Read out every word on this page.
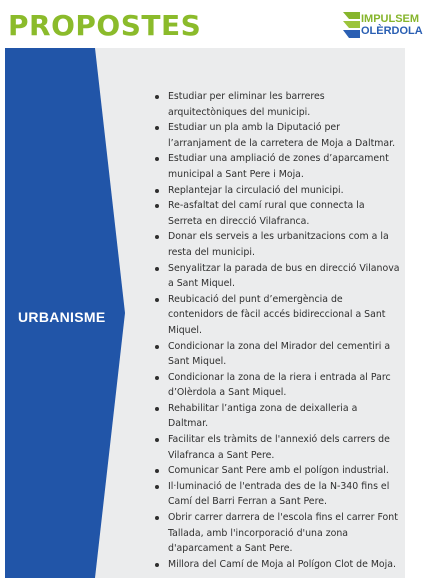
PROPOSTES	IMPULSEM
OLÈRDOLA
URBANISME
Estudiar per eliminar les barreres arquitectòniques del municipi.
Estudiar un pla amb la Diputació per l’arranjament de la carretera de Moja a Daltmar.
Estudiar una ampliació de zones d’aparcament municipal a Sant Pere i Moja.
Replantejar la circulació del municipi.
Re-asfaltat del camí rural que connecta la Serreta en direcció Vilafranca.
Donar els serveis a les urbanitzacions com a la resta del municipi.
Senyalitzar la parada de bus en direcció Vilanova a Sant Miquel.
Reubicació del punt d’emergència de contenidors de fàcil accés bidireccional a Sant Miquel.
Condicionar la zona del Mirador del cementiri a Sant Miquel.
Condicionar la zona de la riera i entrada al Parc d’Olèrdola a Sant Miquel.
Rehabilitar l’antiga zona de deixalleria a Daltmar.
Facilitar els tràmits de l'annexió dels carrers de Vilafranca a Sant Pere.
Comunicar Sant Pere amb el polígon industrial.
Il·luminació de l'entrada des de la N-340 fins el Camí del Barri Ferran a Sant Pere.
Obrir carrer darrera de l'escola fins el carrer Font Tallada, amb l'incorporació d'una zona d'aparcament a Sant Pere.
Millora del Camí de Moja al Polígon Clot de Moja.
